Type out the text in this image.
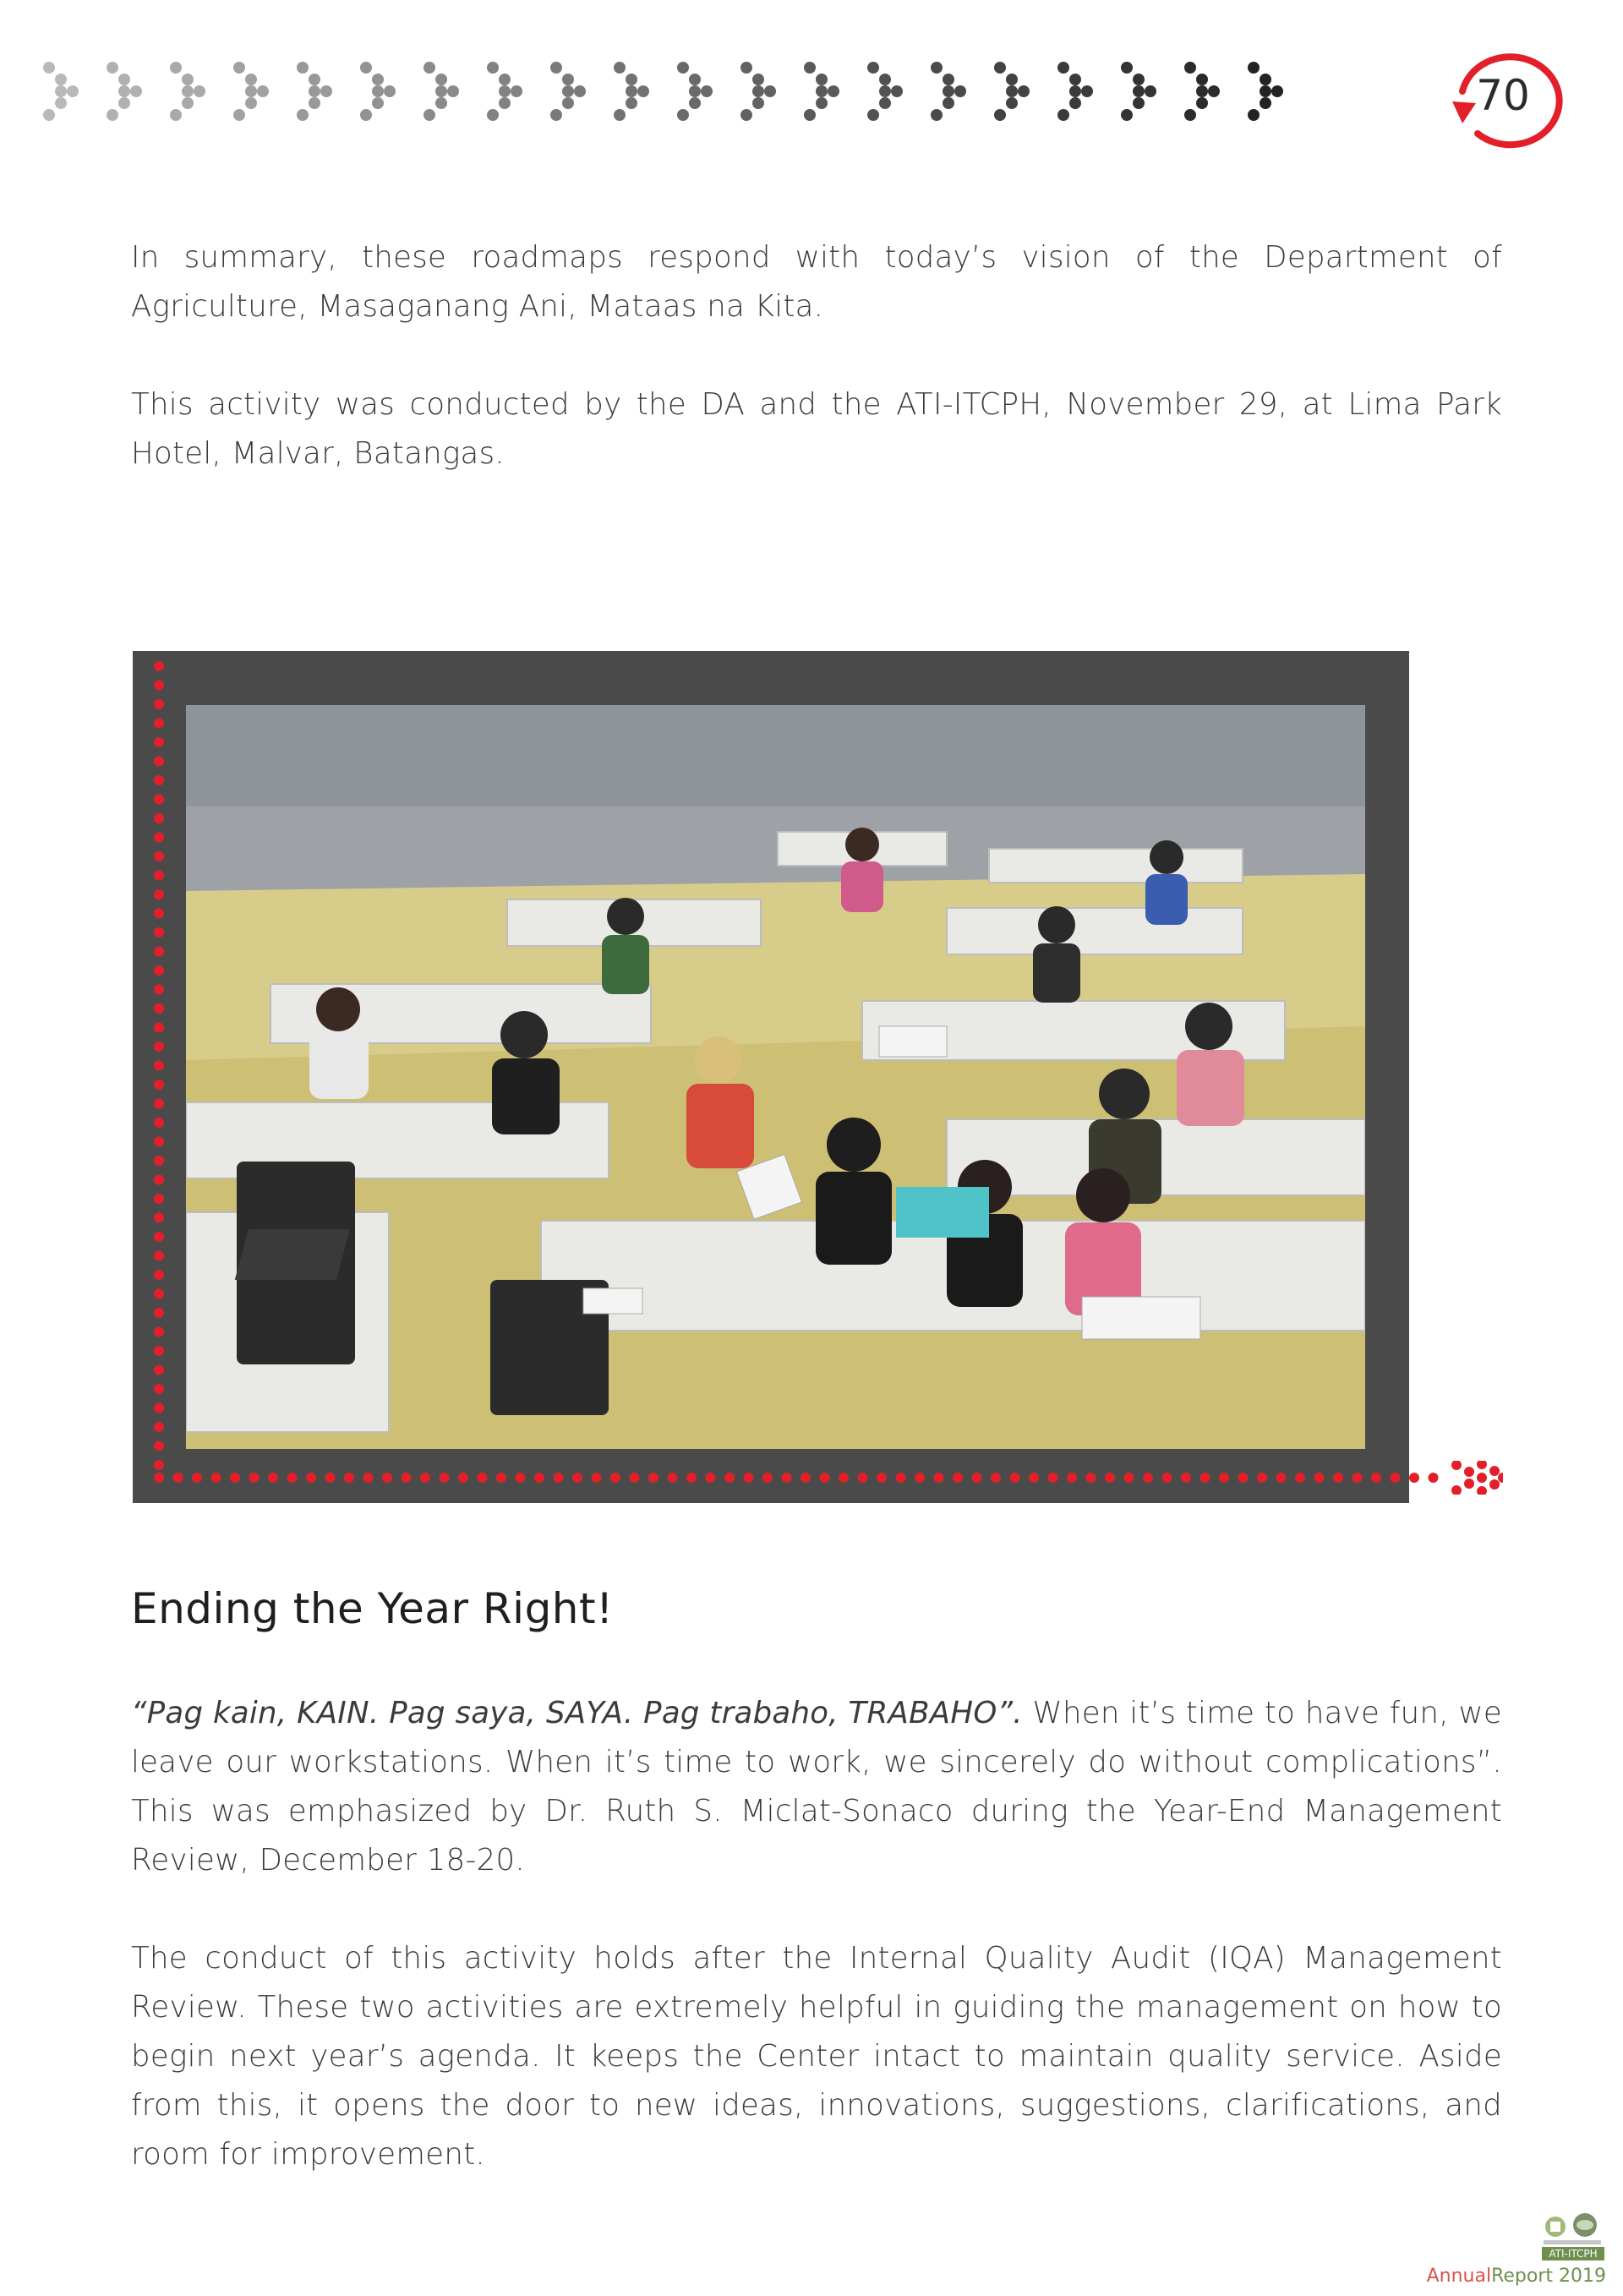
70

In summary, these roadmaps respond with today’s vision of the Department of Agriculture, Masaganang Ani, Mataas na Kita.

This activity was conducted by the DA and the ATI-ITCPH, November 29, at Lima Park Hotel, Malvar, Batangas.

Ending the Year Right!

“Pag kain, KAIN. Pag saya, SAYA. Pag trabaho, TRABAHO”. When it’s time to have fun, we leave our workstations. When it’s time to work, we sincerely do without complications”. This was emphasized by Dr. Ruth S. Miclat-Sonaco during the Year-End Management Review, December 18-20.

The conduct of this activity holds after the Internal Quality Audit (IQA) Management Review. These two activities are extremely helpful in guiding the management on how to begin next year’s agenda. It keeps the Center intact to maintain quality service. Aside from this, it opens the door to new ideas, innovations, suggestions, clarifications, and room for improvement.

ATI-ITCPH
AnnualReport 2019
